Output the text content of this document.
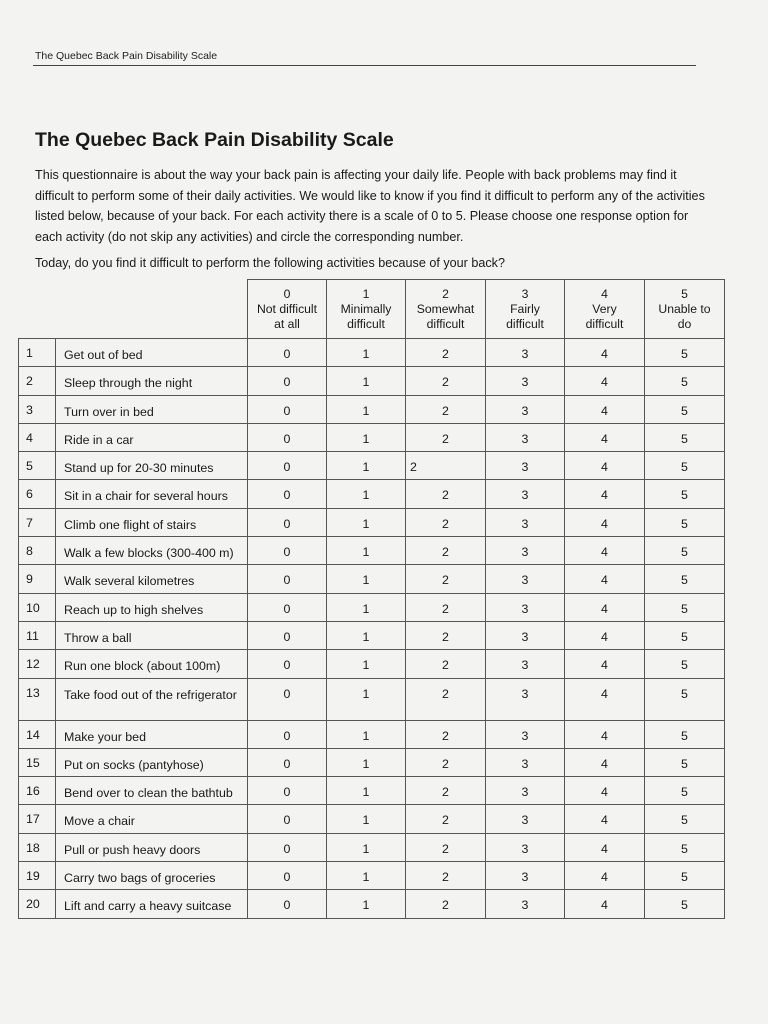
The Quebec Back Pain Disability Scale
The Quebec Back Pain Disability Scale
This questionnaire is about the way your back pain is affecting your daily life. People with back problems may find it difficult to perform some of their daily activities. We would like to know if you find it difficult to perform any of the activities listed below, because of your back. For each activity there is a scale of 0 to 5. Please choose one response option for each activity (do not skip any activities) and circle the corresponding number.
Today, do you find it difficult to perform the following activities because of your back?

		0
Not difficult
at all	1
Minimally
difficult	2
Somewhat
difficult	3
Fairly
difficult	4
Very
difficult	5
Unable to
do

1	Get out of bed	0	1	2	3	4	5
2	Sleep through the night	0	1	2	3	4	5
3	Turn over in bed	0	1	2	3	4	5
4	Ride in a car	0	1	2	3	4	5
5	Stand up for 20-30 minutes	0	1	2	3	4	5
6	Sit in a chair for several hours	0	1	2	3	4	5
7	Climb one flight of stairs	0	1	2	3	4	5
8	Walk a few blocks (300-400 m)	0	1	2	3	4	5
9	Walk several kilometres	0	1	2	3	4	5
10	Reach up to high shelves	0	1	2	3	4	5
11	Throw a ball	0	1	2	3	4	5
12	Run one block (about 100m)	0	1	2	3	4	5
13	Take food out of the refrigerator	0	1	2	3	4	5
14	Make your bed	0	1	2	3	4	5
15	Put on socks (pantyhose)	0	1	2	3	4	5
16	Bend over to clean the bathtub	0	1	2	3	4	5
17	Move a chair	0	1	2	3	4	5
18	Pull or push heavy doors	0	1	2	3	4	5
19	Carry two bags of groceries	0	1	2	3	4	5
20	Lift and carry a heavy suitcase	0	1	2	3	4	5
